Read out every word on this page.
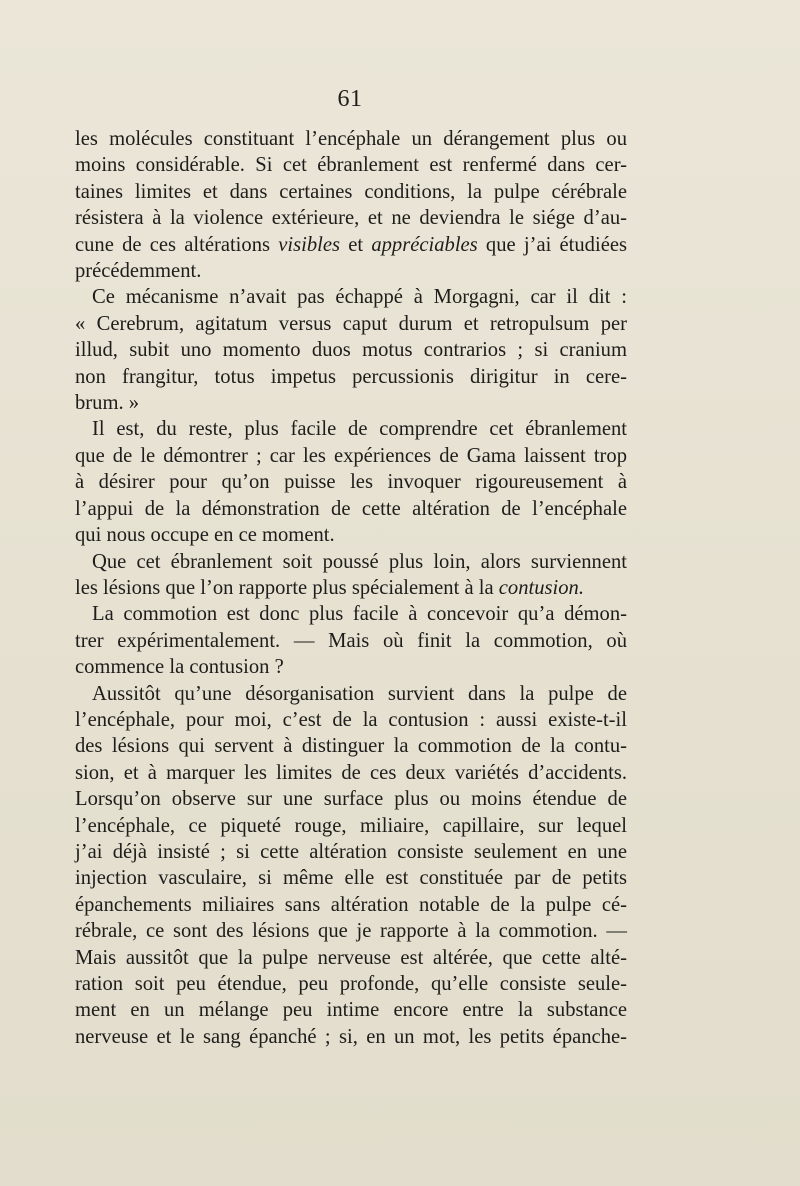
61
les molécules constituant l’encéphale un dérangement plus ou
moins considérable. Si cet ébranlement est renfermé dans cer-
taines limites et dans certaines conditions, la pulpe cérébrale
résistera à la violence extérieure, et ne deviendra le siége d’au-
cune de ces altérations visibles et appréciables que j’ai étudiées
précédemment.
Ce mécanisme n’avait pas échappé à Morgagni, car il dit :
« Cerebrum, agitatum versus caput durum et retropulsum per
illud, subit uno momento duos motus contrarios ; si cranium
non frangitur, totus impetus percussionis dirigitur in cere-
brum. »
Il est, du reste, plus facile de comprendre cet ébranlement
que de le démontrer ; car les expériences de Gama laissent trop
à désirer pour qu’on puisse les invoquer rigoureusement à
l’appui de la démonstration de cette altération de l’encéphale
qui nous occupe en ce moment.
Que cet ébranlement soit poussé plus loin, alors surviennent
les lésions que l’on rapporte plus spécialement à la contusion.
La commotion est donc plus facile à concevoir qu’a démon-
trer expérimentalement. — Mais où finit la commotion, où
commence la contusion ?
Aussitôt qu’une désorganisation survient dans la pulpe de
l’encéphale, pour moi, c’est de la contusion : aussi existe-t-il
des lésions qui servent à distinguer la commotion de la contu-
sion, et à marquer les limites de ces deux variétés d’accidents.
Lorsqu’on observe sur une surface plus ou moins étendue de
l’encéphale, ce piqueté rouge, miliaire, capillaire, sur lequel
j’ai déjà insisté ; si cette altération consiste seulement en une
injection vasculaire, si même elle est constituée par de petits
épanchements miliaires sans altération notable de la pulpe cé-
rébrale, ce sont des lésions que je rapporte à la commotion. —
Mais aussitôt que la pulpe nerveuse est altérée, que cette alté-
ration soit peu étendue, peu profonde, qu’elle consiste seule-
ment en un mélange peu intime encore entre la substance
nerveuse et le sang épanché ; si, en un mot, les petits épanche-
